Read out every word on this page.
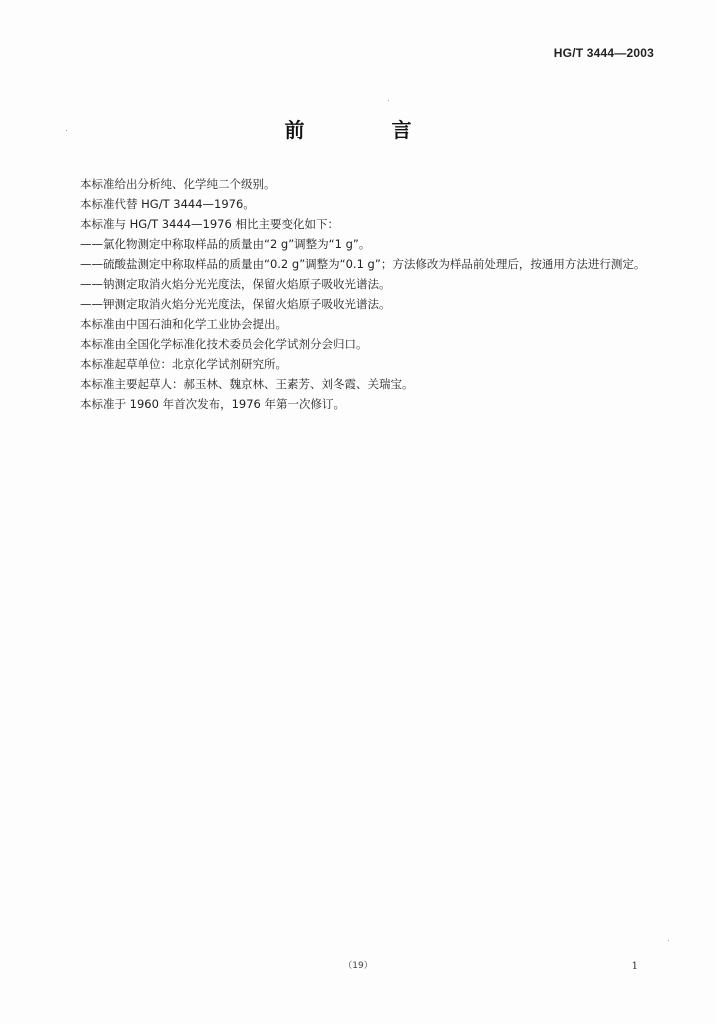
HG/T 3444—2003
前 言
本标准给出分析纯、化学纯二个级别。
本标准代替 HG/T 3444—1976。
本标准与 HG/T 3444—1976 相比主要变化如下：
——氯化物测定中称取样品的质量由“2 g”调整为“1 g”。
——硫酸盐测定中称取样品的质量由“0.2 g”调整为“0.1 g”；方法修改为样品前处理后，按通用方法进行测定。
——钠测定取消火焰分光光度法，保留火焰原子吸收光谱法。
——钾测定取消火焰分光光度法，保留火焰原子吸收光谱法。
本标准由中国石油和化学工业协会提出。
本标准由全国化学标准化技术委员会化学试剂分会归口。
本标准起草单位：北京化学试剂研究所。
本标准主要起草人：郝玉林、魏京林、王素芳、刘冬霞、关瑞宝。
本标准于 1960 年首次发布，1976 年第一次修订。
（19）	1
